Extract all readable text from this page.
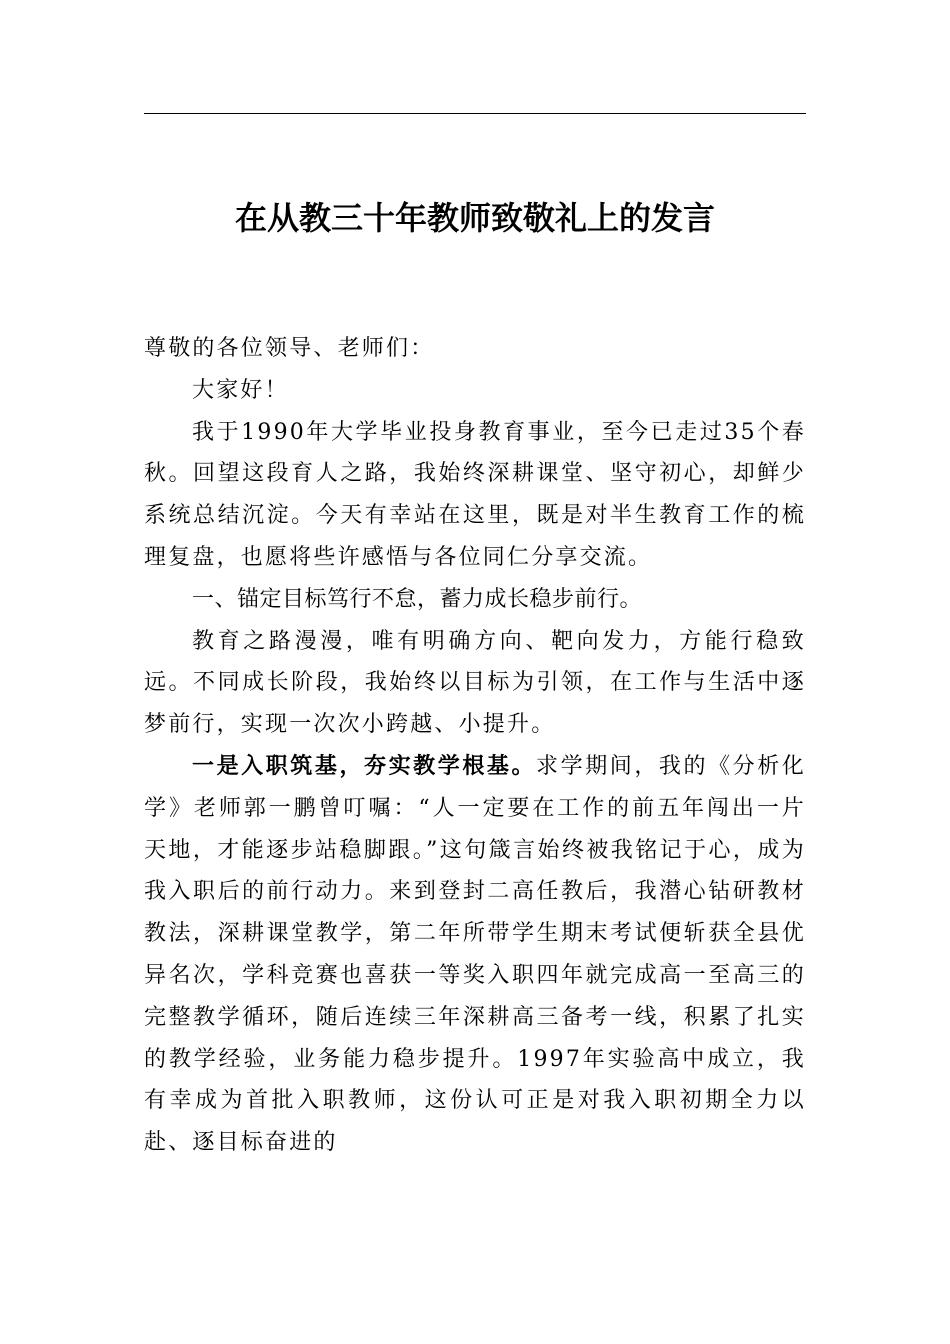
在从教三十年教师致敬礼上的发言

尊敬的各位领导、老师们：

大家好！

我于1990年大学毕业投身教育事业，至今已走过35个春秋。回望这段育人之路，我始终深耕课堂、坚守初心，却鲜少系统总结沉淀。今天有幸站在这里，既是对半生教育工作的梳理复盘，也愿将些许感悟与各位同仁分享交流。

一、锚定目标笃行不怠，蓄力成长稳步前行。

教育之路漫漫，唯有明确方向、靶向发力，方能行稳致远。不同成长阶段，我始终以目标为引领，在工作与生活中逐梦前行，实现一次次小跨越、小提升。

一是入职筑基，夯实教学根基。求学期间，我的《分析化学》老师郭一鹏曾叮嘱：“人一定要在工作的前五年闯出一片天地，才能逐步站稳脚跟。”这句箴言始终被我铭记于心，成为我入职后的前行动力。来到登封二高任教后，我潜心钻研教材教法，深耕课堂教学，第二年所带学生期末考试便斩获全县优异名次，学科竞赛也喜获一等奖入职四年就完成高一至高三的完整教学循环，随后连续三年深耕高三备考一线，积累了扎实的教学经验，业务能力稳步提升。1997年实验高中成立，我有幸成为首批入职教师，这份认可正是对我入职初期全力以赴、逐目标奋进的
